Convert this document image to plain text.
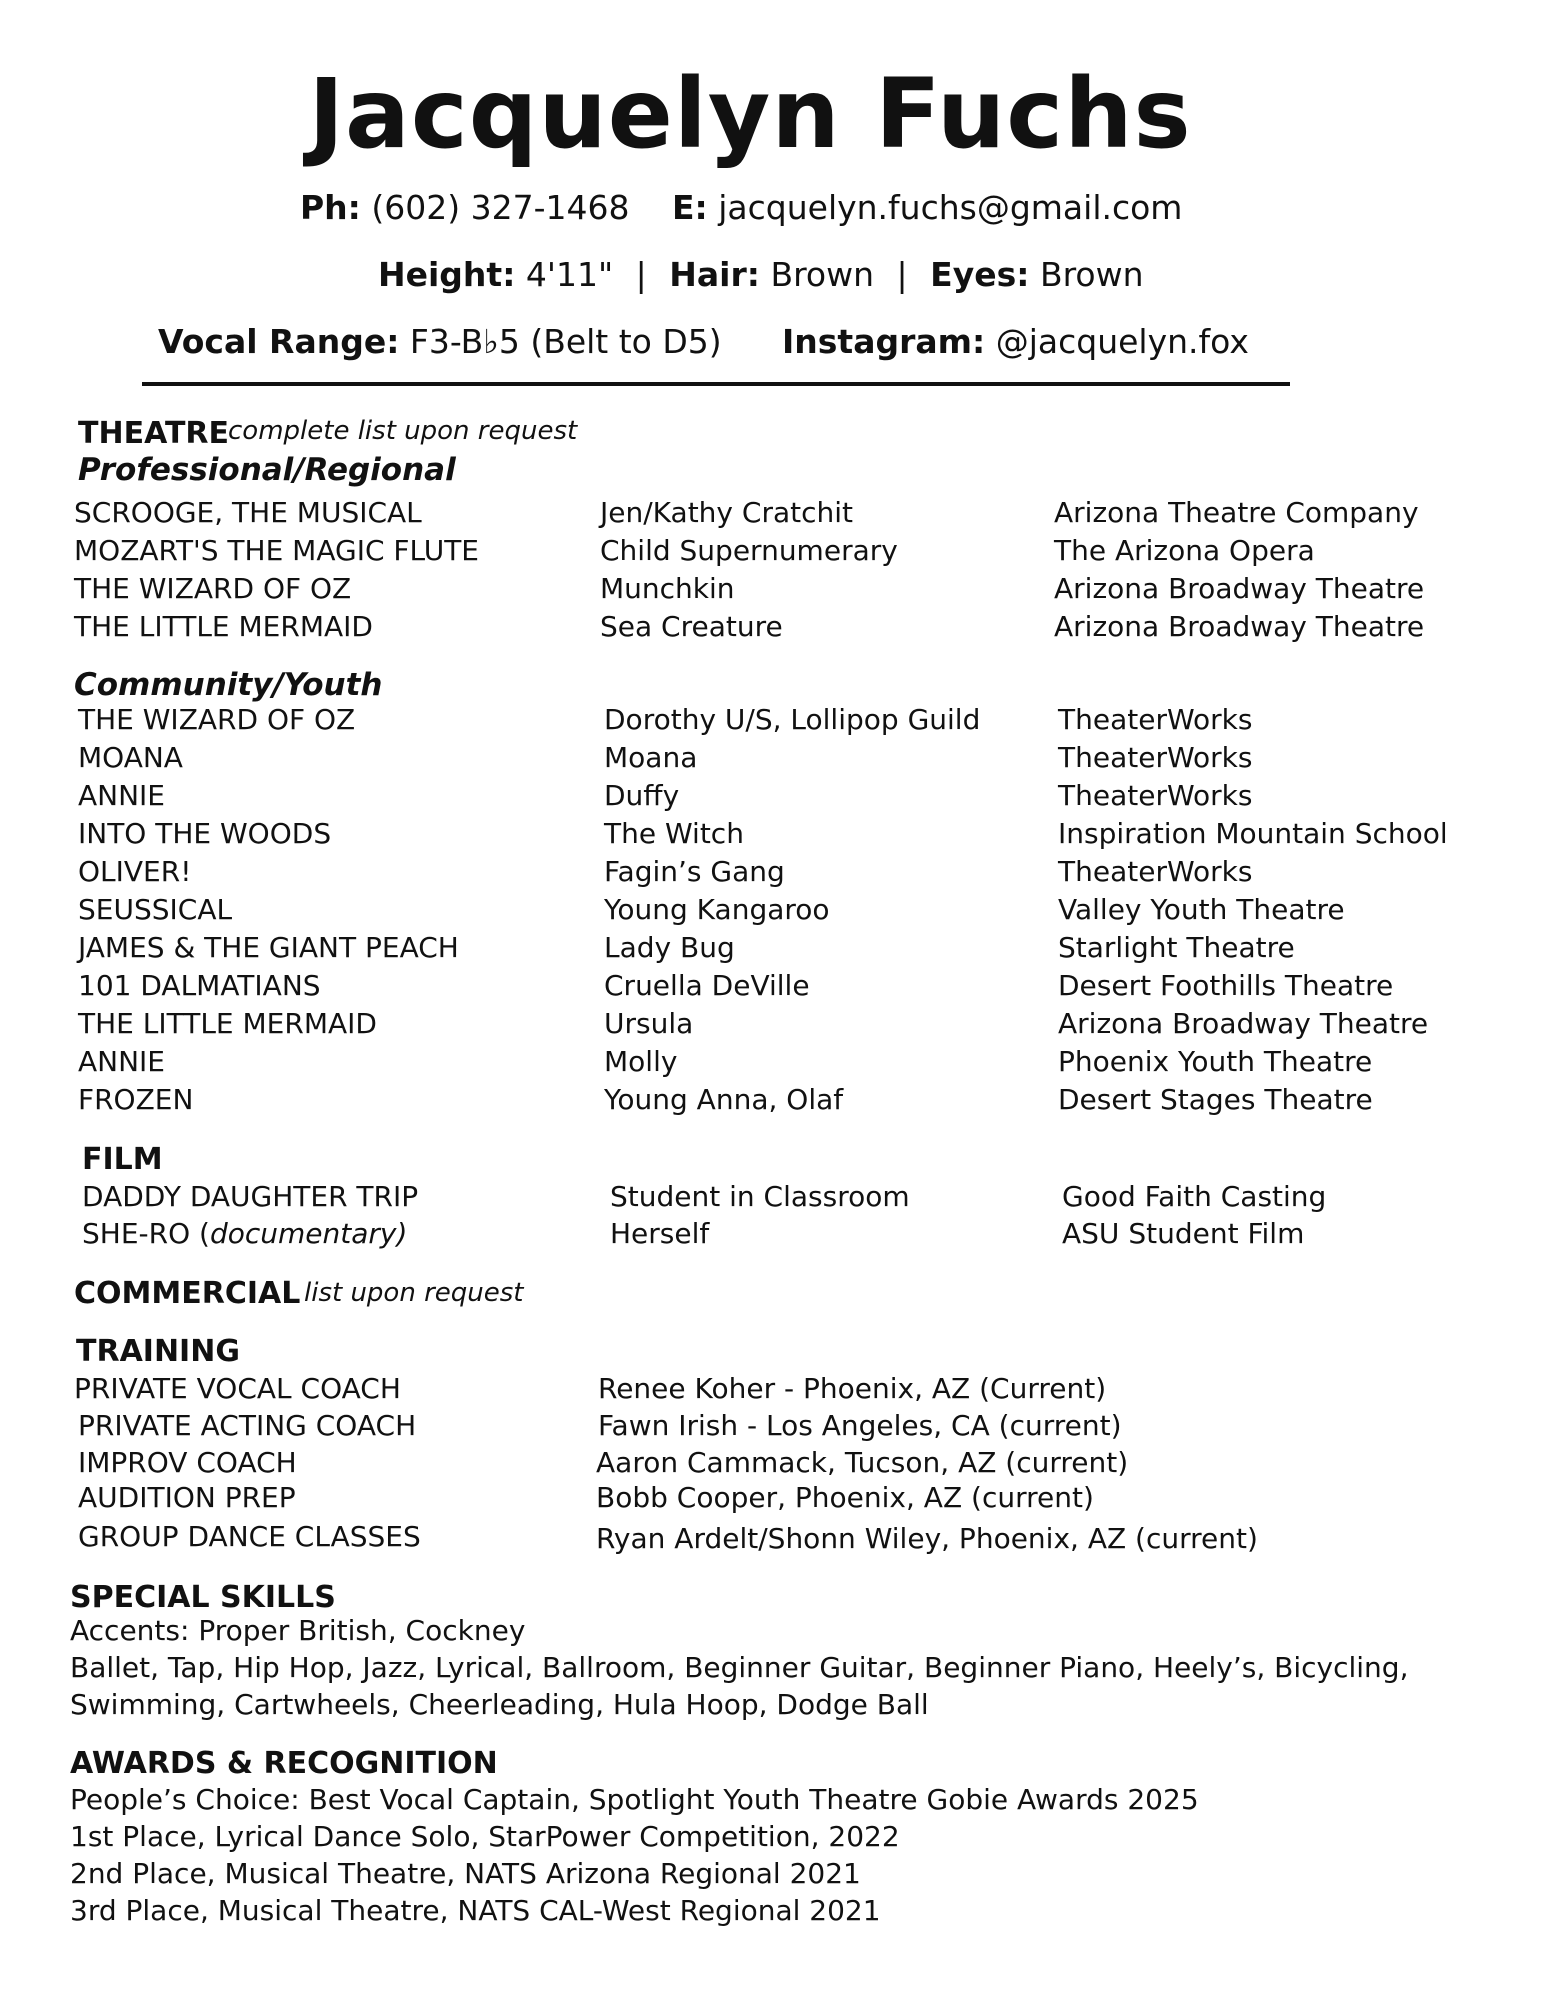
Jacquelyn Fuchs
Ph: (602) 327-1468 E: jacquelyn.fuchs@gmail.com
Height: 4'11" | Hair: Brown | Eyes: Brown
Vocal Range: F3-B♭5 (Belt to D5) Instagram: @jacquelyn.fox
THEATRE
complete list upon request
Professional/Regional
SCROOGE, THE MUSICAL	Jen/Kathy Cratchit	Arizona Theatre Company
MOZART'S THE MAGIC FLUTE	Child Supernumerary	The Arizona Opera
THE WIZARD OF OZ	Munchkin	Arizona Broadway Theatre
THE LITTLE MERMAID	Sea Creature	Arizona Broadway Theatre
Community/Youth
THE WIZARD OF OZ	Dorothy U/S, Lollipop Guild	TheaterWorks
MOANA	Moana	TheaterWorks
ANNIE	Duffy	TheaterWorks
INTO THE WOODS	The Witch	Inspiration Mountain School
OLIVER!	Fagin’s Gang	TheaterWorks
SEUSSICAL	Young Kangaroo	Valley Youth Theatre
JAMES & THE GIANT PEACH	Lady Bug	Starlight Theatre
101 DALMATIANS	Cruella DeVille	Desert Foothills Theatre
THE LITTLE MERMAID	Ursula	Arizona Broadway Theatre
ANNIE	Molly	Phoenix Youth Theatre
FROZEN	Young Anna, Olaf	Desert Stages Theatre
FILM
DADDY DAUGHTER TRIP	Student in Classroom	Good Faith Casting
SHE-RO (documentary)	Herself	ASU Student Film
COMMERCIAL list upon request
TRAINING
PRIVATE VOCAL COACH	Renee Koher - Phoenix, AZ (Current)
PRIVATE ACTING COACH	Fawn Irish - Los Angeles, CA (current)
IMPROV COACH	Aaron Cammack, Tucson, AZ (current)
AUDITION PREP	Bobb Cooper, Phoenix, AZ (current)
GROUP DANCE CLASSES	Ryan Ardelt/Shonn Wiley, Phoenix, AZ (current)
SPECIAL SKILLS
Accents: Proper British, Cockney
Ballet, Tap, Hip Hop, Jazz, Lyrical, Ballroom, Beginner Guitar, Beginner Piano, Heely’s, Bicycling,
Swimming, Cartwheels, Cheerleading, Hula Hoop, Dodge Ball
AWARDS & RECOGNITION
People’s Choice: Best Vocal Captain, Spotlight Youth Theatre Gobie Awards 2025
1st Place, Lyrical Dance Solo, StarPower Competition, 2022
2nd Place, Musical Theatre, NATS Arizona Regional 2021
3rd Place, Musical Theatre, NATS CAL-West Regional 2021
